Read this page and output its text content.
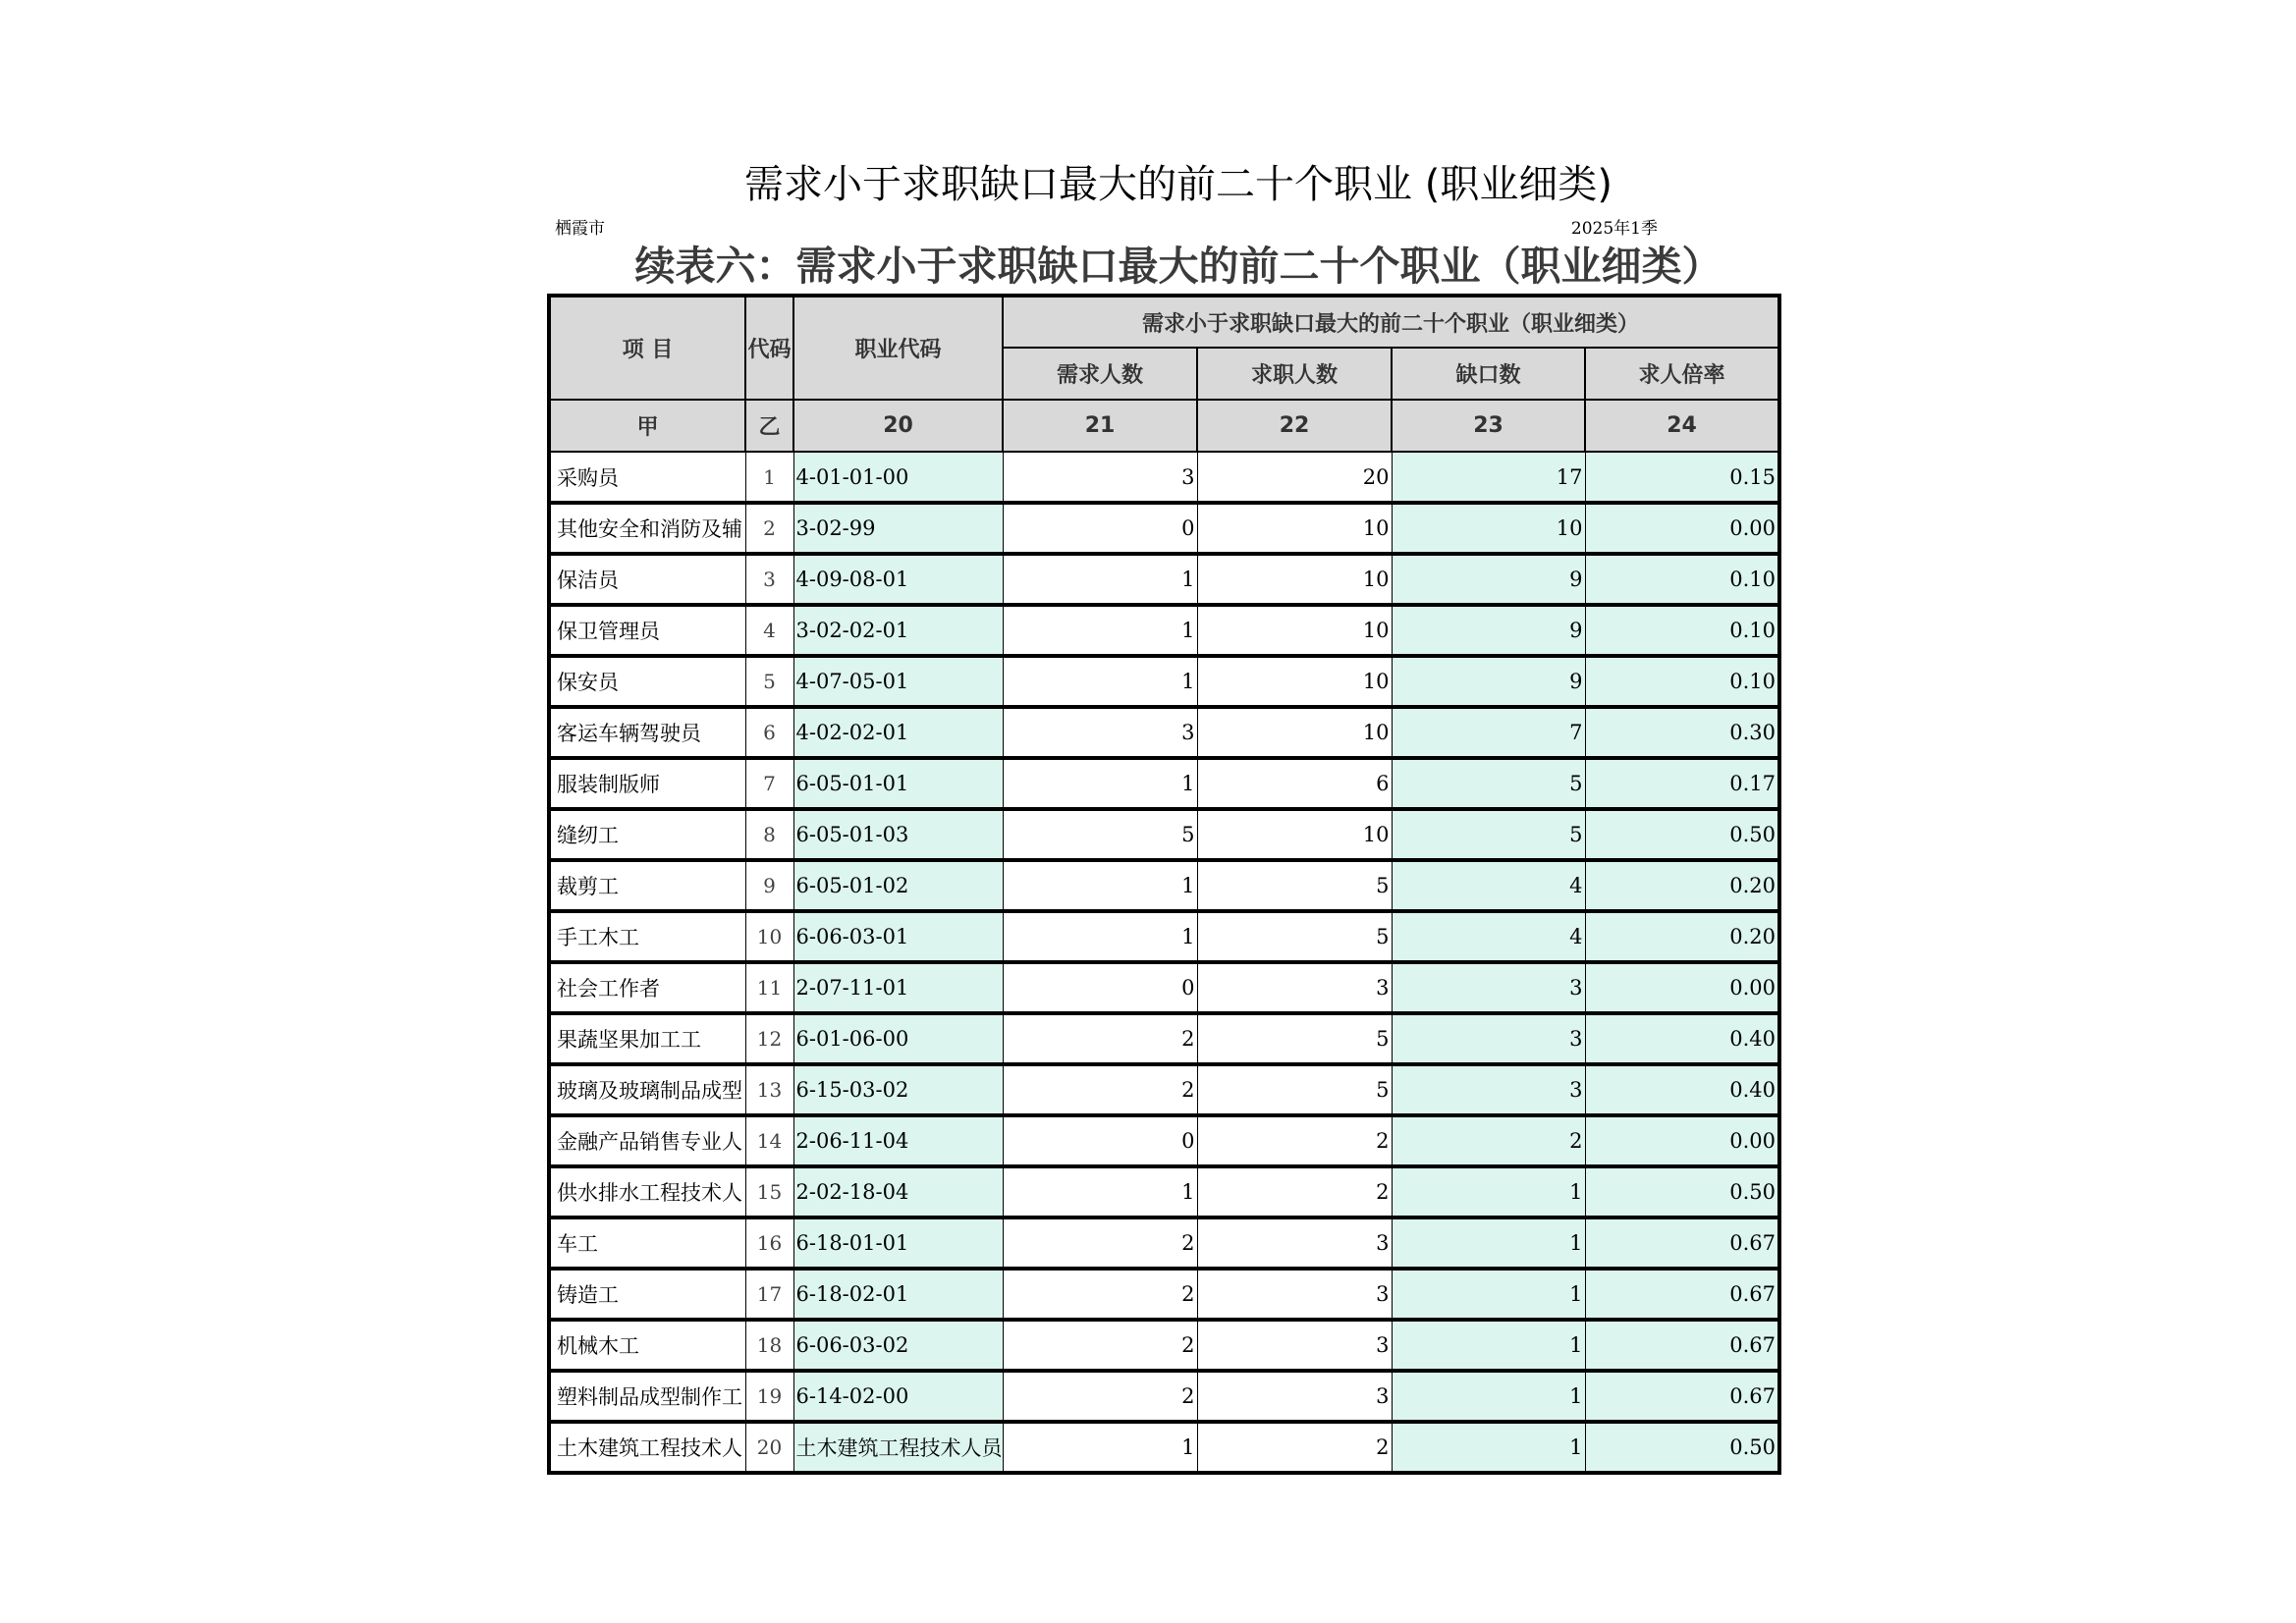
需求小于求职缺口最大的前二十个职业 (职业细类)
栖霞市	2025年1季
续表六：需求小于求职缺口最大的前二十个职业（职业细类）
项 目	代码	职业代码	需求小于求职缺口最大的前二十个职业（职业细类）			
			需求人数	求职人数	缺口数	求人倍率
甲	乙	20	21	22	23	24
采购员	1	4-01-01-00	3	20	17	0.15
其他安全和消防及辅	2	3-02-99	0	10	10	0.00
保洁员	3	4-09-08-01	1	10	9	0.10
保卫管理员	4	3-02-02-01	1	10	9	0.10
保安员	5	4-07-05-01	1	10	9	0.10
客运车辆驾驶员	6	4-02-02-01	3	10	7	0.30
服装制版师	7	6-05-01-01	1	6	5	0.17
缝纫工	8	6-05-01-03	5	10	5	0.50
裁剪工	9	6-05-01-02	1	5	4	0.20
手工木工	10	6-06-03-01	1	5	4	0.20
社会工作者	11	2-07-11-01	0	3	3	0.00
果蔬坚果加工工	12	6-01-06-00	2	5	3	0.40
玻璃及玻璃制品成型	13	6-15-03-02	2	5	3	0.40
金融产品销售专业人	14	2-06-11-04	0	2	2	0.00
供水排水工程技术人	15	2-02-18-04	1	2	1	0.50
车工	16	6-18-01-01	2	3	1	0.67
铸造工	17	6-18-02-01	2	3	1	0.67
机械木工	18	6-06-03-02	2	3	1	0.67
塑料制品成型制作工	19	6-14-02-00	2	3	1	0.67
土木建筑工程技术人	20	土木建筑工程技术人员	1	2	1	0.50
